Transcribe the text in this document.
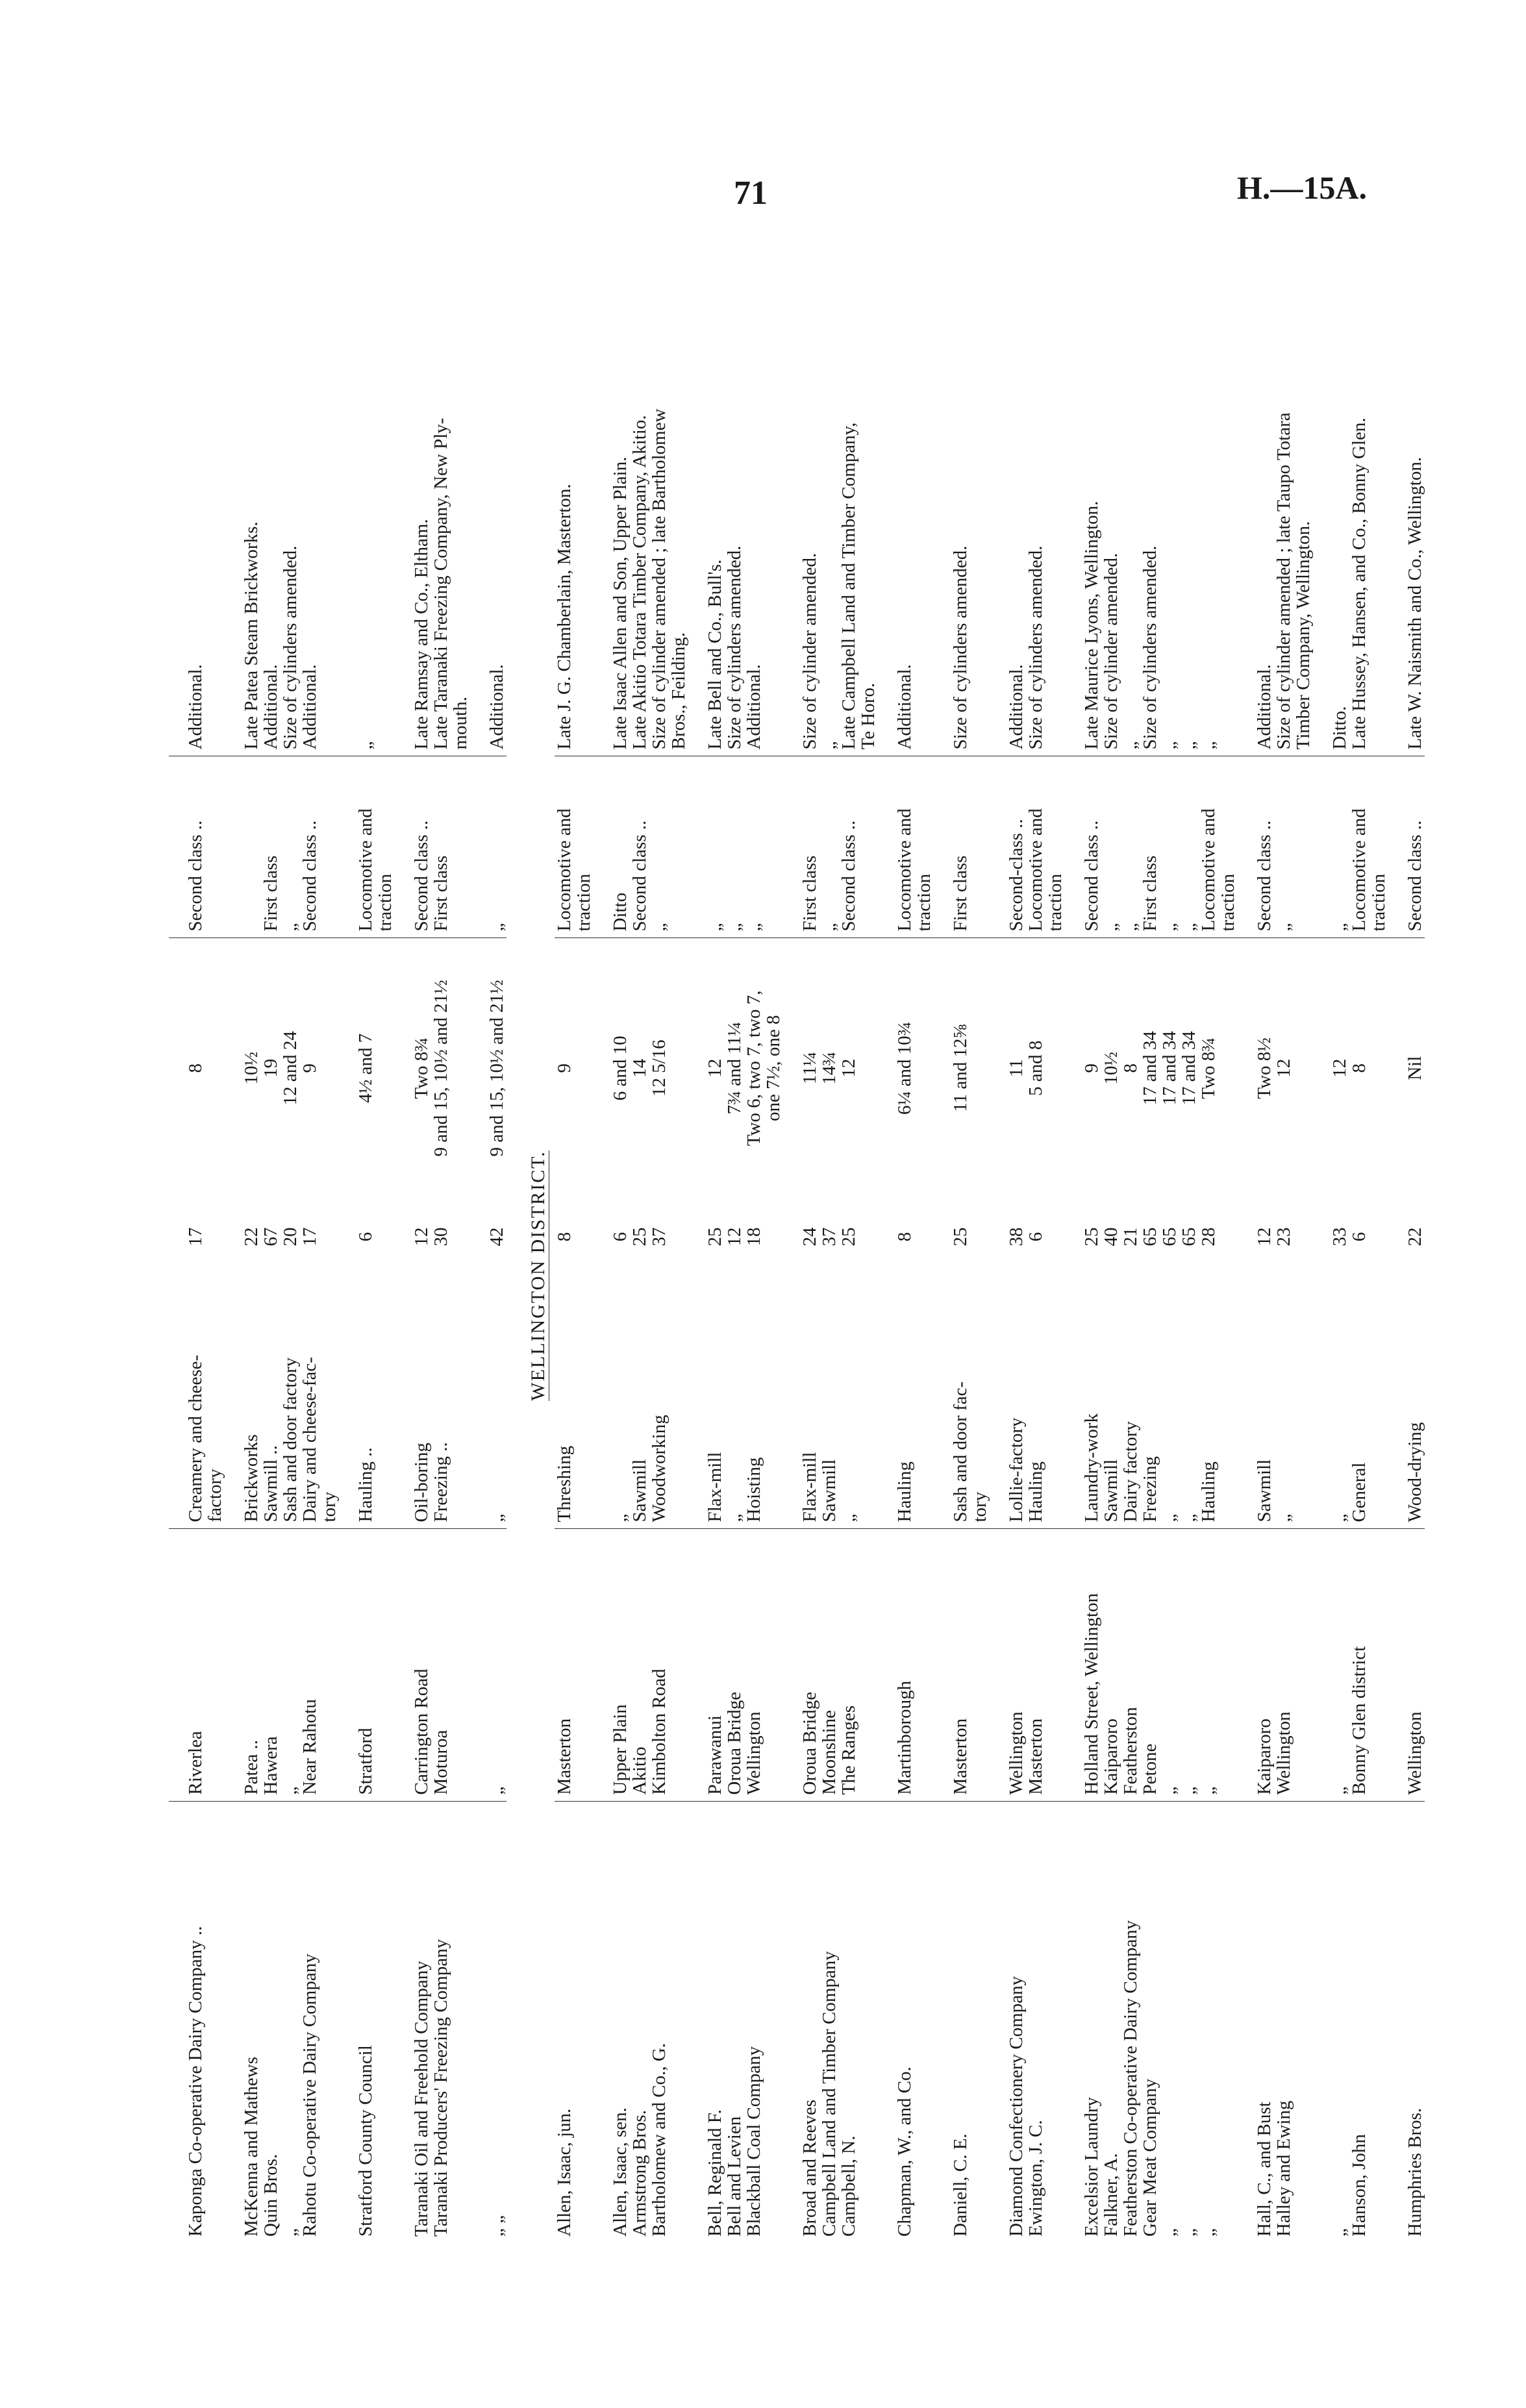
71	H.—15A.
Kaponga Co-operative Dairy Company ..	Riverlea	Creamery and cheese-
factory	17	8	Second class ..	Additional.
McKenna and Mathews	Patea ..	Brickworks	22	10½		Late Patea Steam Brickworks.
Quin Bros.	Hawera	Sawmill ..	67	19	First class	Additional.
„	„	Sash and door factory	20	12 and 24	„	Size of cylinders amended.
Rahotu Co-operative Dairy Company	Near Rahotu	Dairy and cheese-fac-
tory	17	9	Second class ..	Additional.
Stratford County Council	Stratford	Hauling ..	6	4½ and 7	Locomotive and
traction	„
Taranaki Oil and Freehold Company	Carrington Road	Oil-boring	12	Two 8¾	Second class ..	Late Ramsay and Co., Eltham.
Taranaki Producers' Freezing Company	Moturoa	Freezing ..	30	9 and 15, 10½ and 21½	First class	Late Taranaki Freezing Company, New Ply-
mouth.
„ „	„	„	42	9 and 15, 10½ and 21½	„	Additional.
WELLINGTON DISTRICT.						
Allen, Isaac, jun.	Masterton	Threshing	8	9	Locomotive and
traction	Late J. G. Chamberlain, Masterton.
Allen, Isaac, sen.	Upper Plain	„	6	6 and 10	Ditto	Late Isaac Allen and Son, Upper Plain.
Armstrong Bros.	Akitio	Sawmill	25	14	Second class ..	Late Akitio Totara Timber Company, Akitio.
Bartholomew and Co., G.	Kimbolton Road	Woodworking	37	12 5/16	„	Size of cylinder amended ; late Bartholomew
Bros., Feilding.
Bell, Reginald F.	Parawanui	Flax-mill	25	12	„	Late Bell and Co., Bull's.
Bell and Levien	Oroua Bridge	„	12	7¾ and 11¼	„	Size of cylinders amended.
Blackball Coal Company	Wellington	Hoisting	18	Two 6, two 7, two 7,
one 7½, one 8	„	Additional.
Broad and Reeves	Oroua Bridge	Flax-mill	24	11¼	First class	Size of cylinder amended.
Campbell Land and Timber Company	Moonshine	Sawmill	37	14¾	„	„
Campbell, N.	The Ranges	„	25	12	Second class ..	Late Campbell Land and Timber Company,
Te Horo.
Chapman, W., and Co.	Martinborough	Hauling	8	6¼ and 10¾	Locomotive and
traction	Additional.
Daniell, C. E.	Masterton	Sash and door fac-
tory	25	11 and 12⅝	First class	Size of cylinders amended.
Diamond Confectionery Company	Wellington	Lollie-factory	38	11	Second-class ..	Additional.
Ewington, J. C.	Masterton	Hauling	6	5 and 8	Locomotive and
traction	Size of cylinders amended.
Excelsior Laundry	Holland Street, Wellington	Laundry-work	25	9	Second class ..	Late Maurice Lyons, Wellington.
Falkner, A.	Kaiparoro	Sawmill	40	10½	„	Size of cylinder amended.
Featherston Co-operative Dairy Company	Featherston	Dairy factory	21	8	„	„
Gear Meat Company	Petone	Freezing	65	17 and 34	First class	Size of cylinders amended.
„	„	„	65	17 and 34	„	„
„	„	„	65	17 and 34	„	„
„	„	Hauling	28	Two 8¾	Locomotive and
traction	„
Hall, C., and Bust	Kaiparoro	Sawmill	12	Two 8½	Second class ..	Additional.
Halley and Ewing	Wellington	„	23	12	„	Size of cylinder amended ; late Taupo Totara
Timber Company, Wellington.
„	„	„	33	12	„	Ditto.
Hanson, John	Bonny Glen district	General	6	8	Locomotive and
traction	Late Hussey, Hansen, and Co., Bonny Glen.
Humphries Bros.	Wellington	Wood-drying	22	Nil	Second class ..	Late W. Naismith and Co., Wellington.
